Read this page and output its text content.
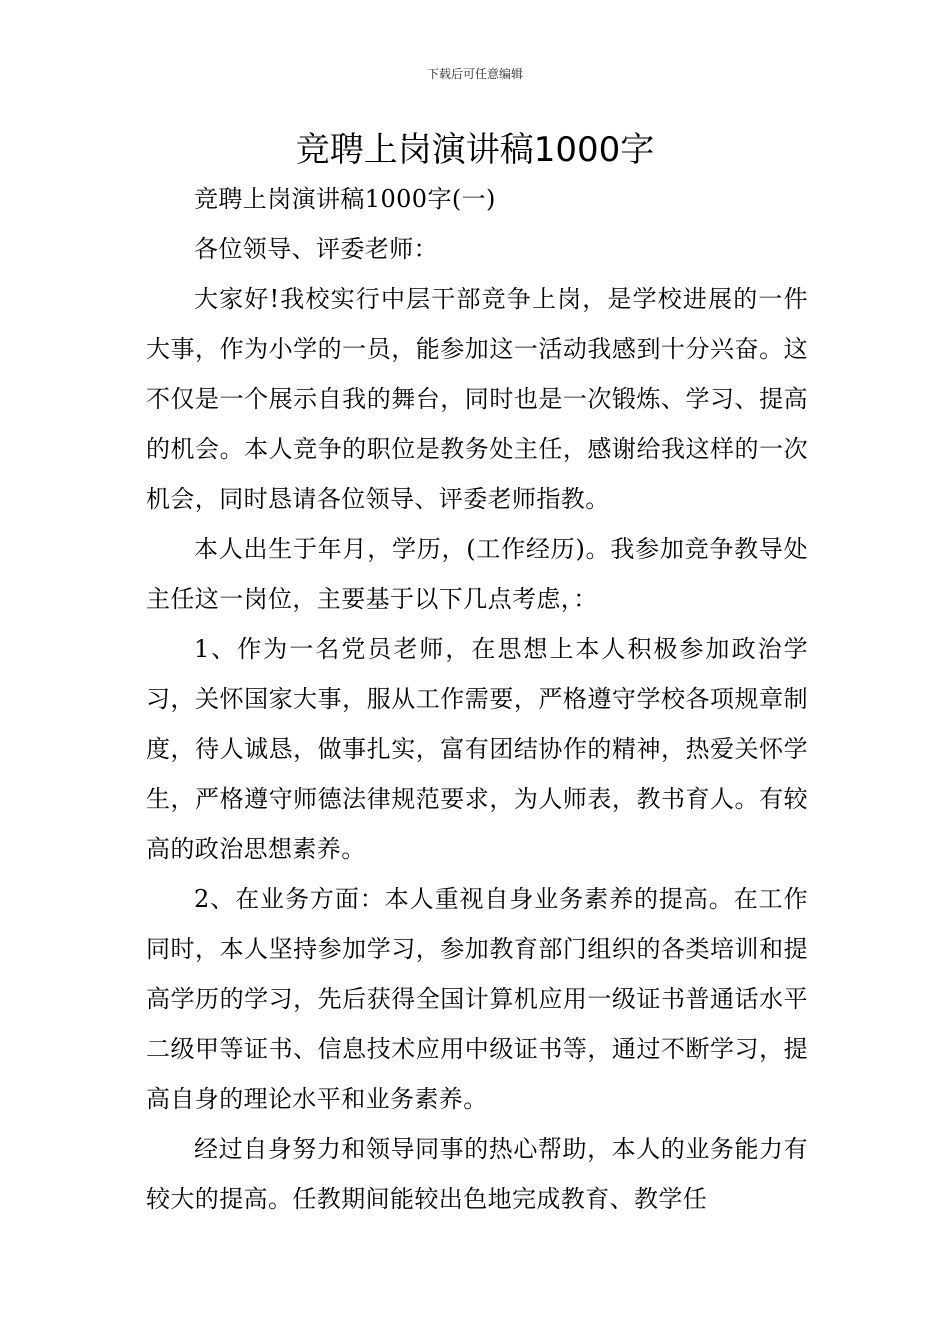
下载后可任意编辑
竞聘上岗演讲稿1000字

竞聘上岗演讲稿1000字(一)

各位领导、评委老师：

大家好!我校实行中层干部竞争上岗，是学校进展的一件大事，作为小学的一员，能参加这一活动我感到十分兴奋。这不仅是一个展示自我的舞台，同时也是一次锻炼、学习、提高的机会。本人竞争的职位是教务处主任，感谢给我这样的一次机会，同时恳请各位领导、评委老师指教。

本人出生于年月，学历，(工作经历)。我参加竞争教导处主任这一岗位，主要基于以下几点考虑，：

1、作为一名党员老师，在思想上本人积极参加政治学习，关怀国家大事，服从工作需要，严格遵守学校各项规章制度，待人诚恳，做事扎实，富有团结协作的精神，热爱关怀学生，严格遵守师德法律规范要求，为人师表，教书育人。有较高的政治思想素养。

2、在业务方面：本人重视自身业务素养的提高。在工作同时，本人坚持参加学习，参加教育部门组织的各类培训和提高学历的学习，先后获得全国计算机应用一级证书普通话水平二级甲等证书、信息技术应用中级证书等，通过不断学习，提高自身的理论水平和业务素养。

经过自身努力和领导同事的热心帮助，本人的业务能力有较大的提高。任教期间能较出色地完成教育、教学任
